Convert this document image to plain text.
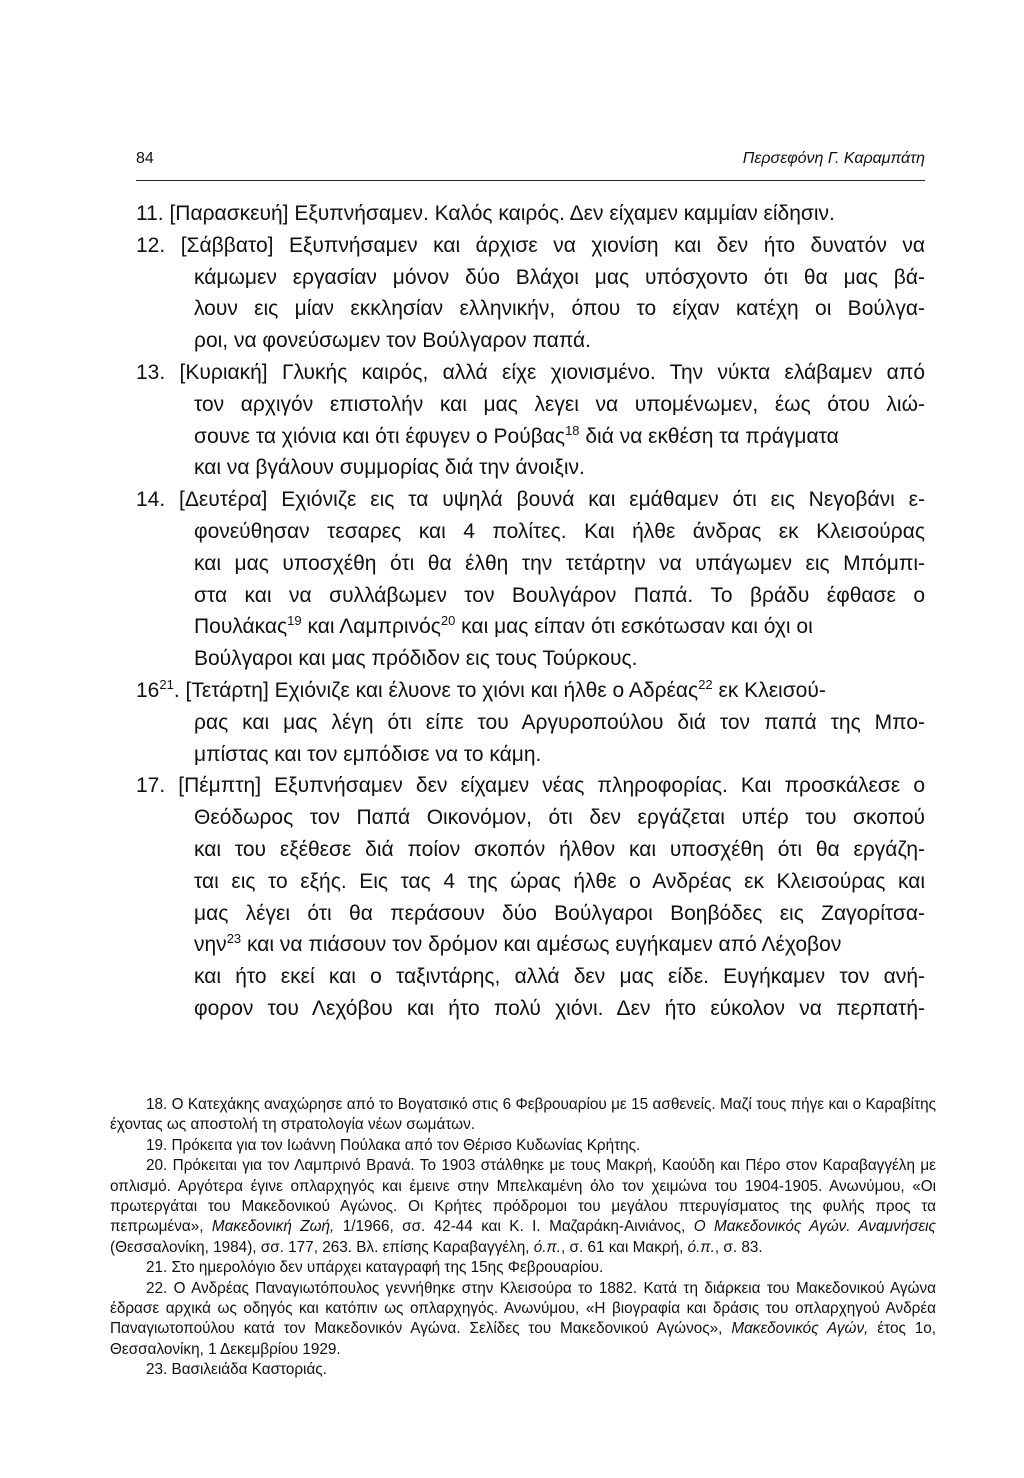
84	Περσεφόνη Γ. Καραμπάτη
11. [Παρασκευή] Εξυπνήσαμεν. Καλός καιρός. Δεν είχαμεν καμμίαν είδησιν.
12. [Σάββατο] Εξυπνήσαμεν και άρχισε να χιονίση και δεν ήτο δυνατόν να
κάμωμεν εργασίαν μόνον δύο Βλάχοι μας υπόσχοντο ότι θα μας βά-
λουν εις μίαν εκκλησίαν ελληνικήν, όπου το είχαν κατέχη οι Βούλγα-
ροι, να φονεύσωμεν τον Βούλγαρον παπά.
13. [Κυριακή] Γλυκής καιρός, αλλά είχε χιονισμένο. Την νύκτα ελάβαμεν από
τον αρχιγόν επιστολήν και μας λεγει να υπομένωμεν, έως ότου λιώ-
σουνε τα χιόνια και ότι έφυγεν ο Ρούβας$^{18}$ διά να εκθέση τα πράγματα
και να βγάλουν συμμορίας διά την άνοιξιν.
14. [Δευτέρα] Εχιόνιζε εις τα υψηλά βουνά και εμάθαμεν ότι εις Νεγοβάνι ε-
φονεύθησαν τεσαρες και 4 πολίτες. Και ήλθε άνδρας εκ Κλεισούρας
και μας υποσχέθη ότι θα έλθη την τετάρτην να υπάγωμεν εις Μπόμπι-
στα και να συλλάβωμεν τον Βουλγάρον Παπά. Το βράδυ έφθασε ο
Πουλάκας$^{19}$ και Λαμπρινός$^{20}$ και μας είπαν ότι εσκότωσαν και όχι οι
Βούλγαροι και μας πρόδιδον εις τους Τούρκους.
$16^{21}$. [Τετάρτη] Εχιόνιζε και έλυονε το χιόνι και ήλθε ο Αδρέας$^{22}$ εκ Κλεισού-
ρας και μας λέγη ότι είπε του Αργυροπούλου διά τον παπά της Μπο-
μπίστας και τον εμπόδισε να το κάμη.
17. [Πέμπτη] Εξυπνήσαμεν δεν είχαμεν νέας πληροφορίας. Και προσκάλεσε ο
Θεόδωρος τον Παπά Οικονόμον, ότι δεν εργάζεται υπέρ του σκοπού
και του εξέθεσε διά ποίον σκοπόν ήλθον και υποσχέθη ότι θα εργάζη-
ται εις το εξής. Εις τας 4 της ώρας ήλθε ο Ανδρέας εκ Κλεισούρας και
μας λέγει ότι θα περάσουν δύο Βούλγαροι Βοηβόδες εις Ζαγορίτσα-
νην$^{23}$ και να πιάσουν τον δρόμον και αμέσως ευγήκαμεν από Λέχοβον
και ήτο εκεί και ο ταξιντάρης, αλλά δεν μας είδε. Ευγήκαμεν τον ανή-
φορον του Λεχόβου και ήτο πολύ χιόνι. Δεν ήτο εύκολον να περπατή-

18. Ο Κατεχάκης αναχώρησε από το Βογατσικό στις 6 Φεβρουαρίου με 15 ασθενείς. Μαζί τους πήγε και ο Καραβίτης έχοντας ως αποστολή τη στρατολογία νέων σωμάτων.

19. Πρόκειτα για τον Ιωάννη Πούλακα από τον Θέρισο Κυδωνίας Κρήτης.

20. Πρόκειται για τον Λαμπρινό Βρανά. Το 1903 στάλθηκε με τους Μακρή, Καούδη και Πέρο στον Καραβαγγέλη με οπλισμό. Αργότερα έγινε οπλαρχηγός και έμεινε στην Μπελκαμένη όλο τον χειμώνα του 1904-1905. Ανωνύμου, «Οι πρωτεργάται του Μακεδονικού Αγώνος. Οι Κρήτες πρόδρομοι του μεγάλου πτερυγίσματος της φυλής προς τα πεπρωμένα», Μακεδονική Ζωή, 1/1966, σσ. 42-44 και Κ. Ι. Μαζαράκη-Αινιάνος, Ο Μακεδονικός Αγών. Αναμνήσεις (Θεσσαλονίκη, 1984), σσ. 177, 263. Βλ. επίσης Καραβαγγέλη, ό.π., σ. 61 και Μακρή, ό.π., σ. 83.

21. Στο ημερολόγιο δεν υπάρχει καταγραφή της 15ης Φεβρουαρίου.

22. Ο Ανδρέας Παναγιωτόπουλος γεννήθηκε στην Κλεισούρα το 1882. Κατά τη διάρκεια του Μακεδονικού Αγώνα έδρασε αρχικά ως οδηγός και κατόπιν ως οπλαρχηγός. Ανωνύμου, «Η βιογραφία και δράσις του οπλαρχηγού Ανδρέα Παναγιωτοπούλου κατά τον Μακεδονικόν Αγώνα. Σελίδες του Μακεδονικού Αγώνος», Μακεδονικός Αγών, έτος 1ο, Θεσσαλονίκη, 1 Δεκεμβρίου 1929.

23. Βασιλειάδα Καστοριάς.
